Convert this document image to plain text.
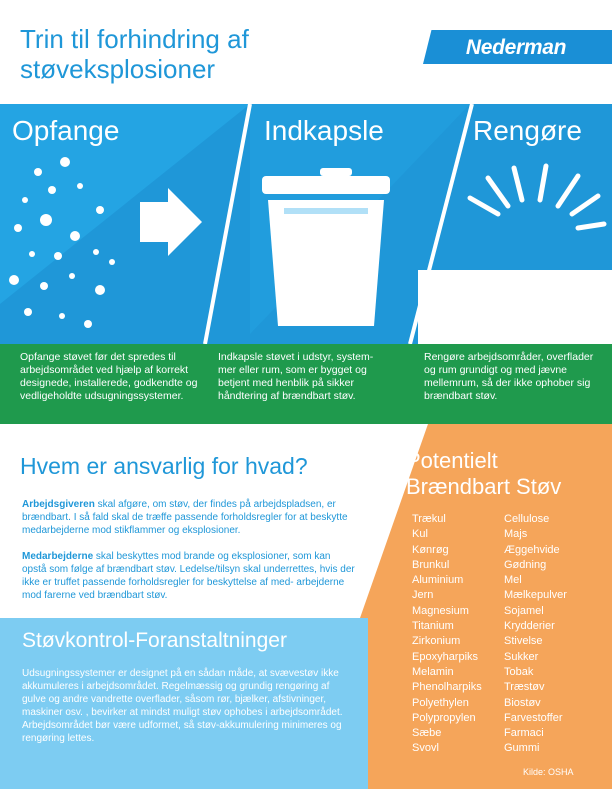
Trin til forhindring af
støveksplosioner
Nederman
Opfange	Indkapsle	Rengøre
Opfange støvet før det spredes til arbejdsområdet ved hjælp af korrekt designede, installerede, godkendte og vedligeholdte udsugningssystemer.
Indkapsle støvet i udstyr, system- mer eller rum, som er bygget og betjent med henblik på sikker håndtering af brændbart støv.
Rengøre arbejdsområder, overflader og rum grundigt og med jævne mellemrum, så der ikke ophober sig brændbart støv.
Hvem er ansvarlig for hvad?
Arbejdsgiveren skal afgøre, om støv, der findes på arbejdspladsen, er brændbart. I så fald skal de træffe passende forholdsregler for at beskytte medarbejderne mod stikflammer og eksplosioner.
Medarbejderne skal beskyttes mod brande og eksplosioner, som kan opstå som følge af brændbart støv. Ledelse/tilsyn skal underrettes, hvis der ikke er truffet passende forholdsregler for beskyttelse af med- arbejderne mod farerne ved brændbart støv.
Støvkontrol-Foranstaltninger
Udsugningssystemer er designet på en sådan måde, at svævestøv ikke akkumuleres i arbejdsområdet. Regelmæssig og grundig rengøring af gulve og andre vandrette overflader, såsom rør, bjælker, afstivninger, maskiner osv. , bevirker at mindst muligt støv ophobes i arbejdsområdet. Arbejdsområdet bør være udformet, så støv-akkumulering minimeres og rengøring lettes.
Potentielt
Brændbart Støv
Trækul
Kul
Kønrøg
Brunkul
Aluminium
Jern
Magnesium
Titanium
Zirkonium
Epoxyharpiks
Melamin
Phenolharpiks
Polyethylen
Polypropylen
Sæbe
Svovl
Cellulose
Majs
Æggehvide
Gødning
Mel
Mælkepulver
Sojamel
Krydderier
Stivelse
Sukker
Tobak
Træstøv
Biostøv
Farvestoffer
Farmaci
Gummi
Kilde: OSHA
